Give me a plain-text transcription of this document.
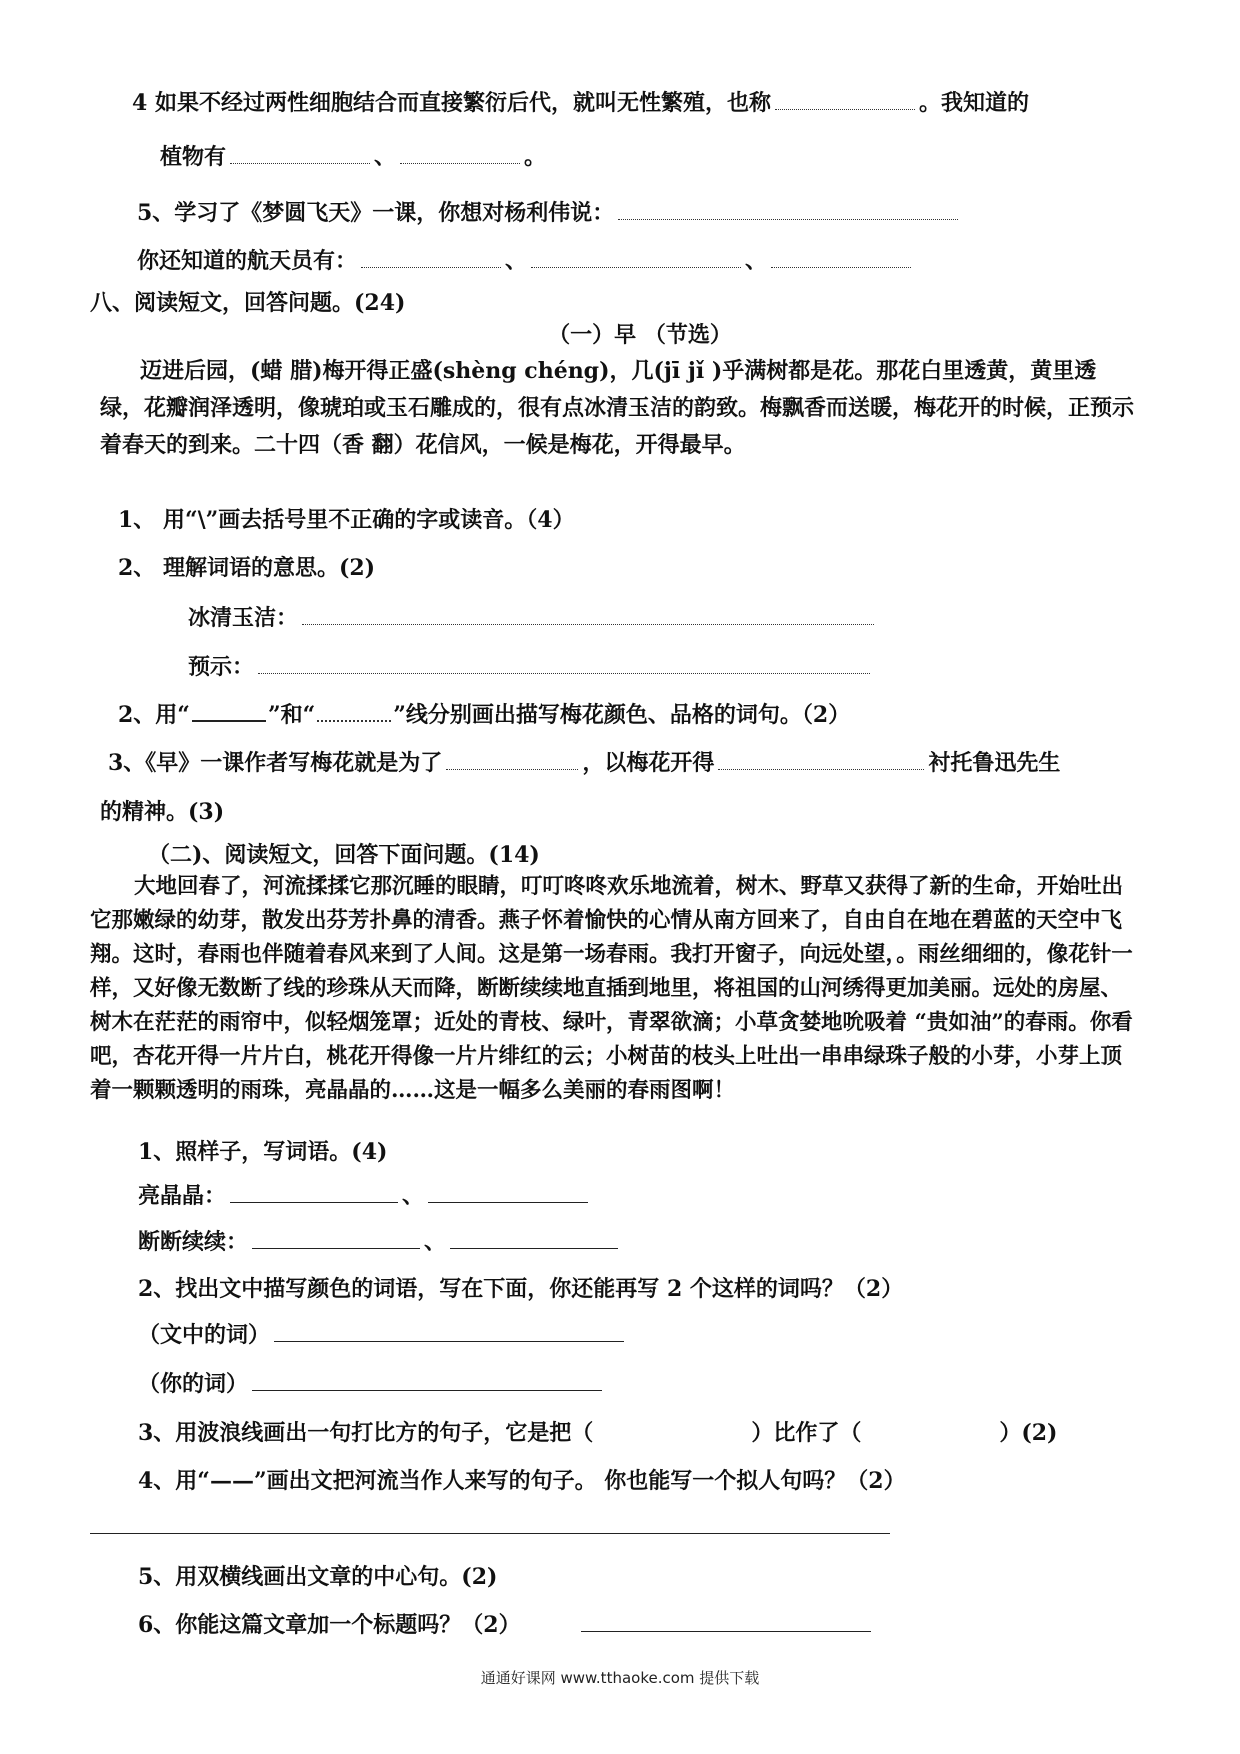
4 如果不经过两性细胞结合而直接繁衍后代，就叫无性繁殖，也称	。我知道的
植物有	、	。
5、学习了《梦圆飞天》一课，你想对杨利伟说：
你还知道的航天员有：	、	、
八、阅读短文，回答问题。(24)
（一）早 （节选）
迈进后园，(蜡 腊)梅开得正盛(shèng chéng)，几(jī jǐ )乎满树都是花。那花白里透黄，黄里透绿，花瓣润泽透明，像琥珀或玉石雕成的，很有点冰清玉洁的韵致。梅飘香而送暖，梅花开的时候，正预示着春天的到来。二十四（香 翻）花信风，一候是梅花，开得最早。
1、 用“\”画去括号里不正确的字或读音。（4）
2、 理解词语的意思。(2)
冰清玉洁：
预示：
2、用“	”和“	”线分别画出描写梅花颜色、品格的词句。（2）
3、《早》一课作者写梅花就是为了	，以梅花开得	衬托鲁迅先生
的精神。(3)
（二)、阅读短文，回答下面问题。(14)
大地回春了，河流揉揉它那沉睡的眼睛，叮叮咚咚欢乐地流着，树木、野草又获得了新的生命，开始吐出它那嫩绿的幼芽，散发出芬芳扑鼻的清香。燕子怀着愉快的心情从南方回来了，自由自在地在碧蓝的天空中飞翔。这时，春雨也伴随着春风来到了人间。这是第一场春雨。我打开窗子，向远处望，。雨丝细细的，像花针一样，又好像无数断了线的珍珠从天而降，断断续续地直插到地里，将祖国的山河绣得更加美丽。远处的房屋、树木在茫茫的雨帘中，似轻烟笼罩；近处的青枝、绿叶，青翠欲滴；小草贪婪地吮吸着 “贵如油”的春雨。你看吧，杏花开得一片片白，桃花开得像一片片绯红的云；小树苗的枝头上吐出一串串绿珠子般的小芽，小芽上顶着一颗颗透明的雨珠，亮晶晶的……这是一幅多么美丽的春雨图啊！
1、照样子，写词语。(4)
亮晶晶：	、
断断续续：	、
2、找出文中描写颜色的词语，写在下面，你还能再写 2 个这样的词吗？（2）
（文中的词）
（你的词）
3、用波浪线画出一句打比方的句子，它是把（	）比作了（	）(2)
4、用“——”画出文把河流当作人来写的句子。 你也能写一个拟人句吗？（2）
5、用双横线画出文章的中心句。(2)
6、你能这篇文章加一个标题吗？（2）
通通好课网 www.tthaoke.com 提供下载
